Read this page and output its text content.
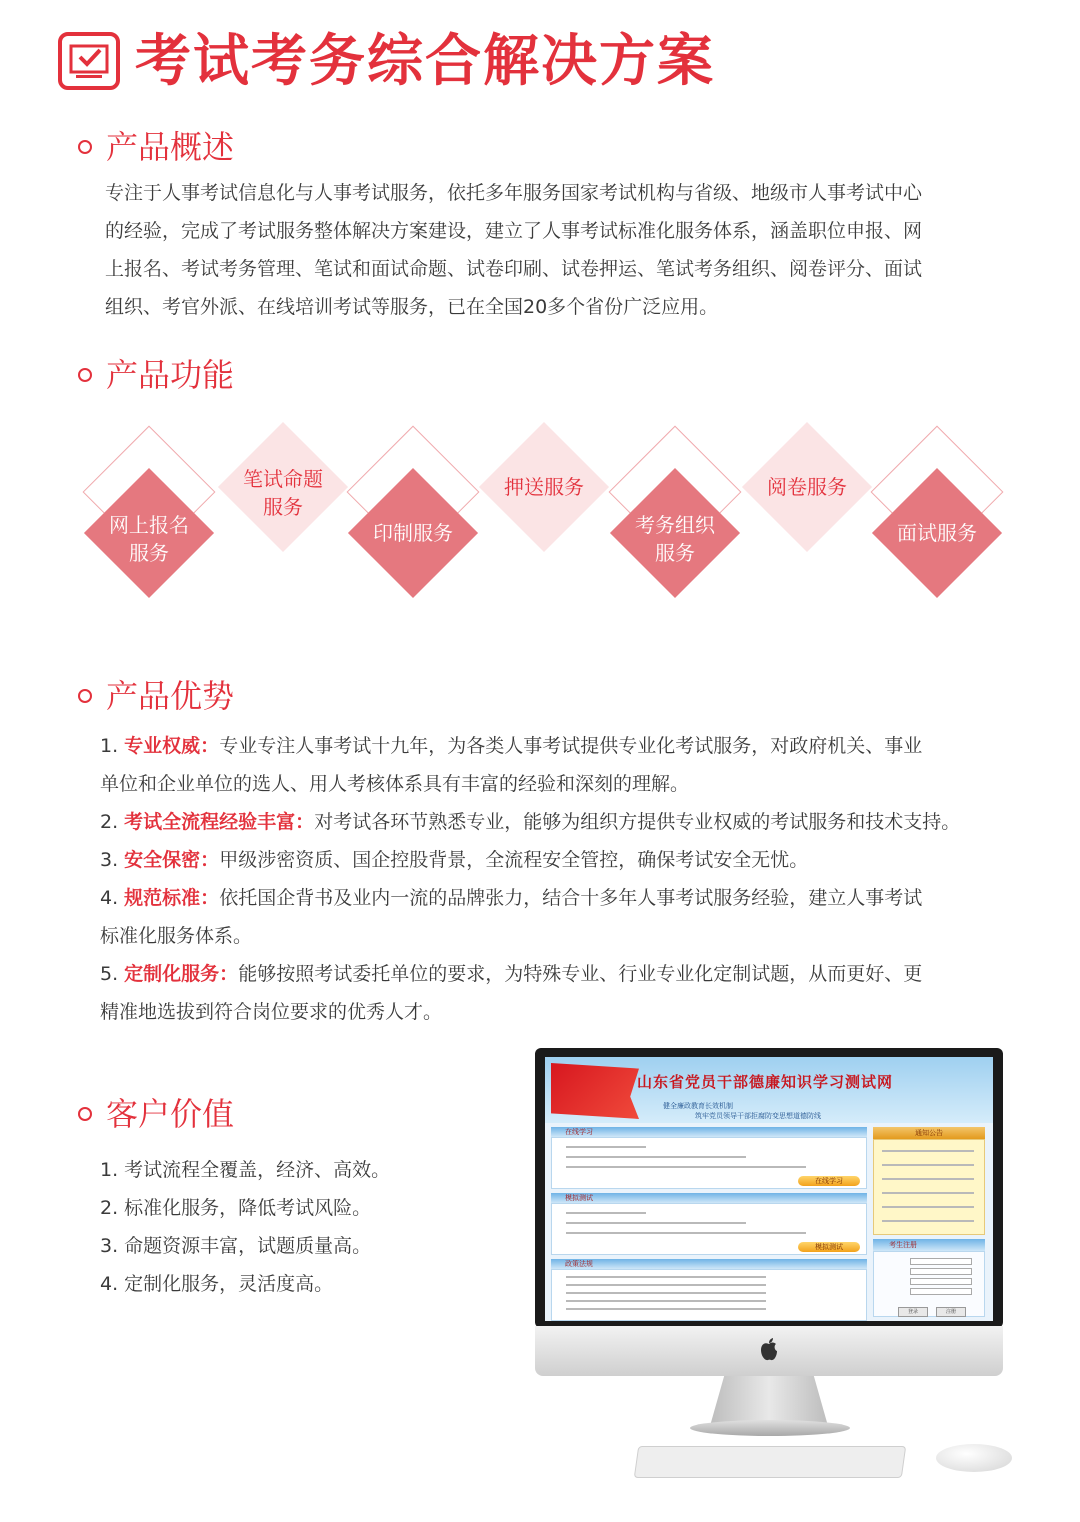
考试考务综合解决方案
产品概述

专注于人事考试信息化与人事考试服务，依托多年服务国家考试机构与省级、地级市人事考试中心

的经验，完成了考试服务整体解决方案建设，建立了人事考试标准化服务体系，涵盖职位申报、网

上报名、考试考务管理、笔试和面试命题、试卷印刷、试卷押运、笔试考务组织、阅卷评分、面试

组织、考官外派、在线培训考试等服务，已在全国20多个省份广泛应用。

产品功能
网上报名
服务
笔试命题
服务
印制服务
押送服务
考务组织
服务
阅卷服务
面试服务
产品优势

1. 专业权威：专业专注人事考试十九年，为各类人事考试提供专业化考试服务，对政府机关、事业

单位和企业单位的选人、用人考核体系具有丰富的经验和深刻的理解。

2. 考试全流程经验丰富：对考试各环节熟悉专业，能够为组织方提供专业权威的考试服务和技术支持。

3. 安全保密：甲级涉密资质、国企控股背景，全流程安全管控，确保考试安全无忧。

4. 规范标准：依托国企背书及业内一流的品牌张力，结合十多年人事考试服务经验，建立人事考试

标准化服务体系。

5. 定制化服务：能够按照考试委托单位的要求，为特殊专业、行业专业化定制试题，从而更好、更

精准地选拔到符合岗位要求的优秀人才。

客户价值

1. 考试流程全覆盖，经济、高效。

2. 标准化服务，降低考试风险。

3. 命题资源丰富，试题质量高。

4. 定制化服务，灵活度高。

山东省党员干部德廉知识学习测试网
健全廉政教育长效机制
筑牢党员领导干部拒腐防变思想道德防线
在线学习
在线学习
模拟测试
模拟测试
政策法规
通知公告
考生注册
登录	注册
